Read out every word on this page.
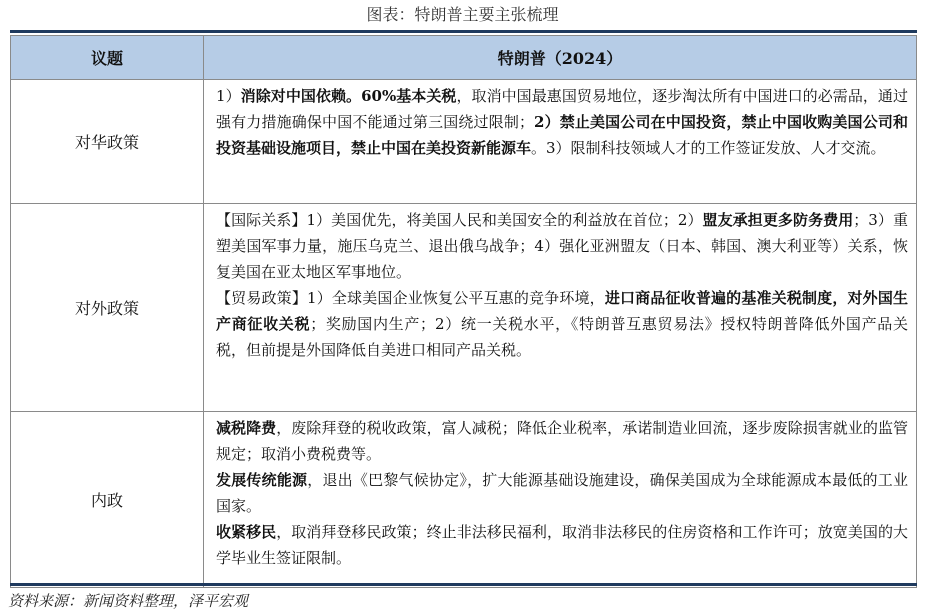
图表：特朗普主要主张梳理
议题	特朗普（2024）
对华政策	1）消除对中国依赖。60%基本关税，取消中国最惠国贸易地位，逐步淘汰所有中国进口的必需品，通过强有力措施确保中国不能通过第三国绕过限制；2）禁止美国公司在中国投资，禁止中国收购美国公司和投资基础设施项目，禁止中国在美投资新能源车。3）限制科技领域人才的工作签证发放、人才交流。

对外政策	【国际关系】1）美国优先，将美国人民和美国安全的利益放在首位；2）盟友承担更多防务费用；3）重塑美国军事力量，施压乌克兰、退出俄乌战争；4）强化亚洲盟友（日本、韩国、澳大利亚等）关系，恢复美国在亚太地区军事地位。

【贸易政策】1）全球美国企业恢复公平互惠的竞争环境，进口商品征收普遍的基准关税制度，对外国生产商征收关税；奖励国内生产；2）统一关税水平，《特朗普互惠贸易法》授权特朗普降低外国产品关税，但前提是外国降低自美进口相同产品关税。

内政	减税降费，废除拜登的税收政策，富人减税；降低企业税率，承诺制造业回流，逐步废除损害就业的监管规定；取消小费税费等。

发展传统能源，退出《巴黎气候协定》，扩大能源基础设施建设，确保美国成为全球能源成本最低的工业国家。

收紧移民，取消拜登移民政策；终止非法移民福利，取消非法移民的住房资格和工作许可；放宽美国的大学毕业生签证限制。

资料来源：新闻资料整理，泽平宏观
